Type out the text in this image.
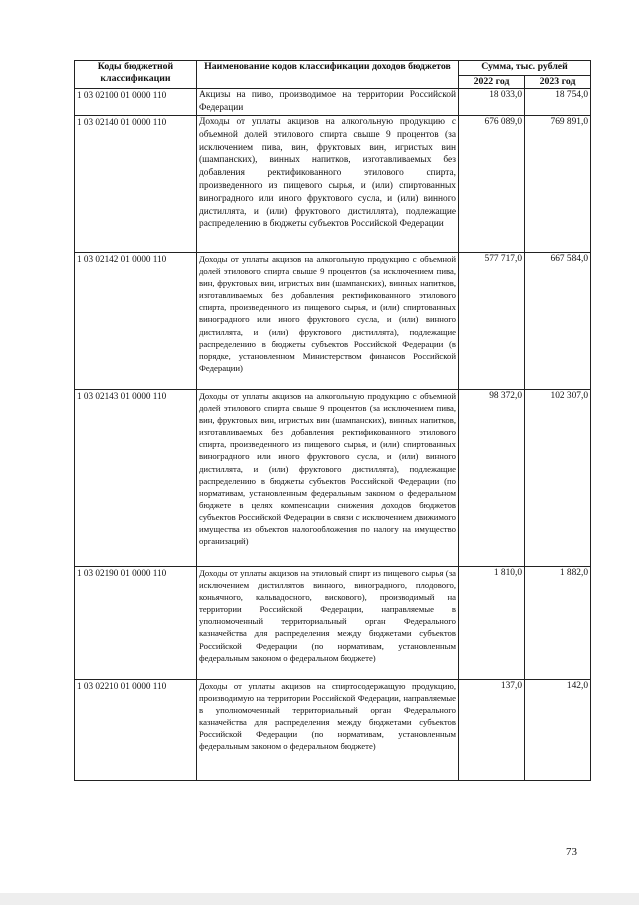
Коды бюджетной классификации	Наименование кодов классификации доходов бюджетов	Сумма, тыс. рублей	
		2022 год	2023 год
1 03 02100 01 0000 110	Акцизы на пиво, производимое на территории Российской Федерации	18 033,0	18 754,0
1 03 02140 01 0000 110	Доходы от уплаты акцизов на алкогольную продукцию с объемной долей этилового спирта свыше 9 процентов (за исключением пива, вин, фруктовых вин, игристых вин (шампанских), винных напитков, изготавливаемых без добавления ректификованного этилового спирта, произведенного из пищевого сырья, и (или) спиртованных виноградного или иного фруктового сусла, и (или) винного дистиллята, и (или) фруктового дистиллята), подлежащие распределению в бюджеты субъектов Российской Федерации	676 089,0	769 891,0
1 03 02142 01 0000 110	Доходы от уплаты акцизов на алкогольную продукцию с объемной долей этилового спирта свыше 9 процентов (за исключением пива, вин, фруктовых вин, игристых вин (шампанских), винных напитков, изготавливаемых без добавления ректификованного этилового спирта, произведенного из пищевого сырья, и (или) спиртованных виноградного или иного фруктового сусла, и (или) винного дистиллята, и (или) фруктового дистиллята), подлежащие распределению в бюджеты субъектов Российской Федерации (в порядке, установленном Министерством финансов Российской Федерации)	577 717,0	667 584,0
1 03 02143 01 0000 110	Доходы от уплаты акцизов на алкогольную продукцию с объемной долей этилового спирта свыше 9 процентов (за исключением пива, вин, фруктовых вин, игристых вин (шампанских), винных напитков, изготавливаемых без добавления ректификованного этилового спирта, произведенного из пищевого сырья, и (или) спиртованных виноградного или иного фруктового сусла, и (или) винного дистиллята, и (или) фруктового дистиллята), подлежащие распределению в бюджеты субъектов Российской Федерации (по нормативам, установленным федеральным законом о федеральном бюджете в целях компенсации снижения доходов бюджетов субъектов Российской Федерации в связи с исключением движимого имущества из объектов налогообложения по налогу на имущество организаций)	98 372,0	102 307,0
1 03 02190 01 0000 110	Доходы от уплаты акцизов на этиловый спирт из пищевого сырья (за исключением дистиллятов винного, виноградного, плодового, коньячного, кальвадосного, вискового), производимый на территории Российской Федерации, направляемые в уполномоченный территориальный орган Федерального казначейства для распределения между бюджетами субъектов Российской Федерации (по нормативам, установленным федеральным законом о федеральном бюджете)	1 810,0	1 882,0
1 03 02210 01 0000 110	Доходы от уплаты акцизов на спиртосодержащую продукцию, производимую на территории Российской Федерации, направляемые в уполномоченный территориальный орган Федерального казначейства для распределения между бюджетами субъектов Российской Федерации (по нормативам, установленным федеральным законом о федеральном бюджете)	137,0	142,0
73
